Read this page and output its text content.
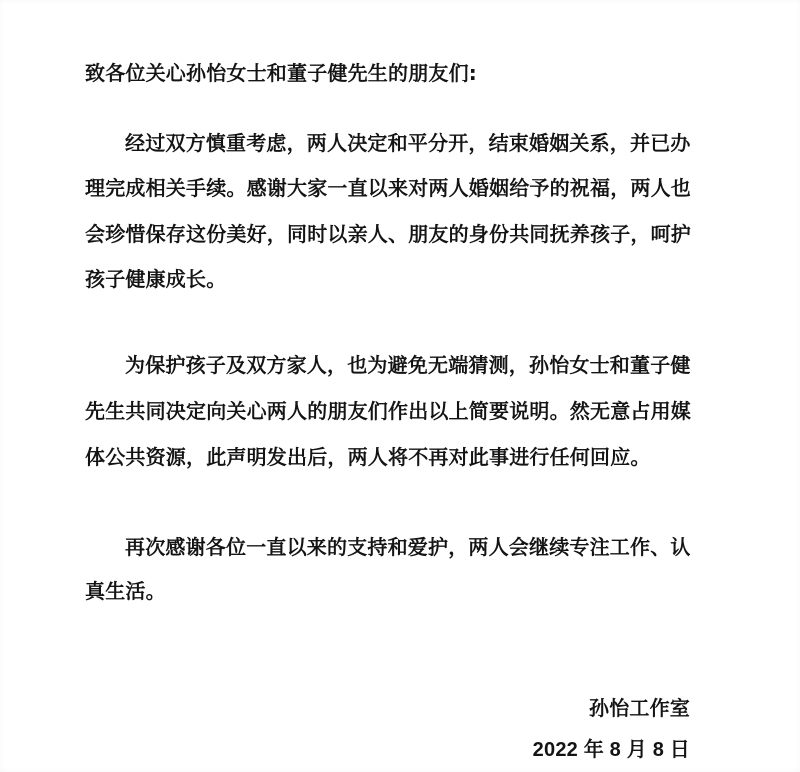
致各位关心孙怡女士和董子健先生的朋友们:
经过双方慎重考虑，两人决定和平分开，结束婚姻关系，并已办
理完成相关手续。感谢大家一直以来对两人婚姻给予的祝福，两人也
会珍惜保存这份美好，同时以亲人、朋友的身份共同抚养孩子，呵护
孩子健康成长。
为保护孩子及双方家人，也为避免无端猜测，孙怡女士和董子健
先生共同决定向关心两人的朋友们作出以上简要说明。然无意占用媒
体公共资源，此声明发出后，两人将不再对此事进行任何回应。
再次感谢各位一直以来的支持和爱护，两人会继续专注工作、认
真生活。
孙怡工作室
2022 年 8 月 8 日
